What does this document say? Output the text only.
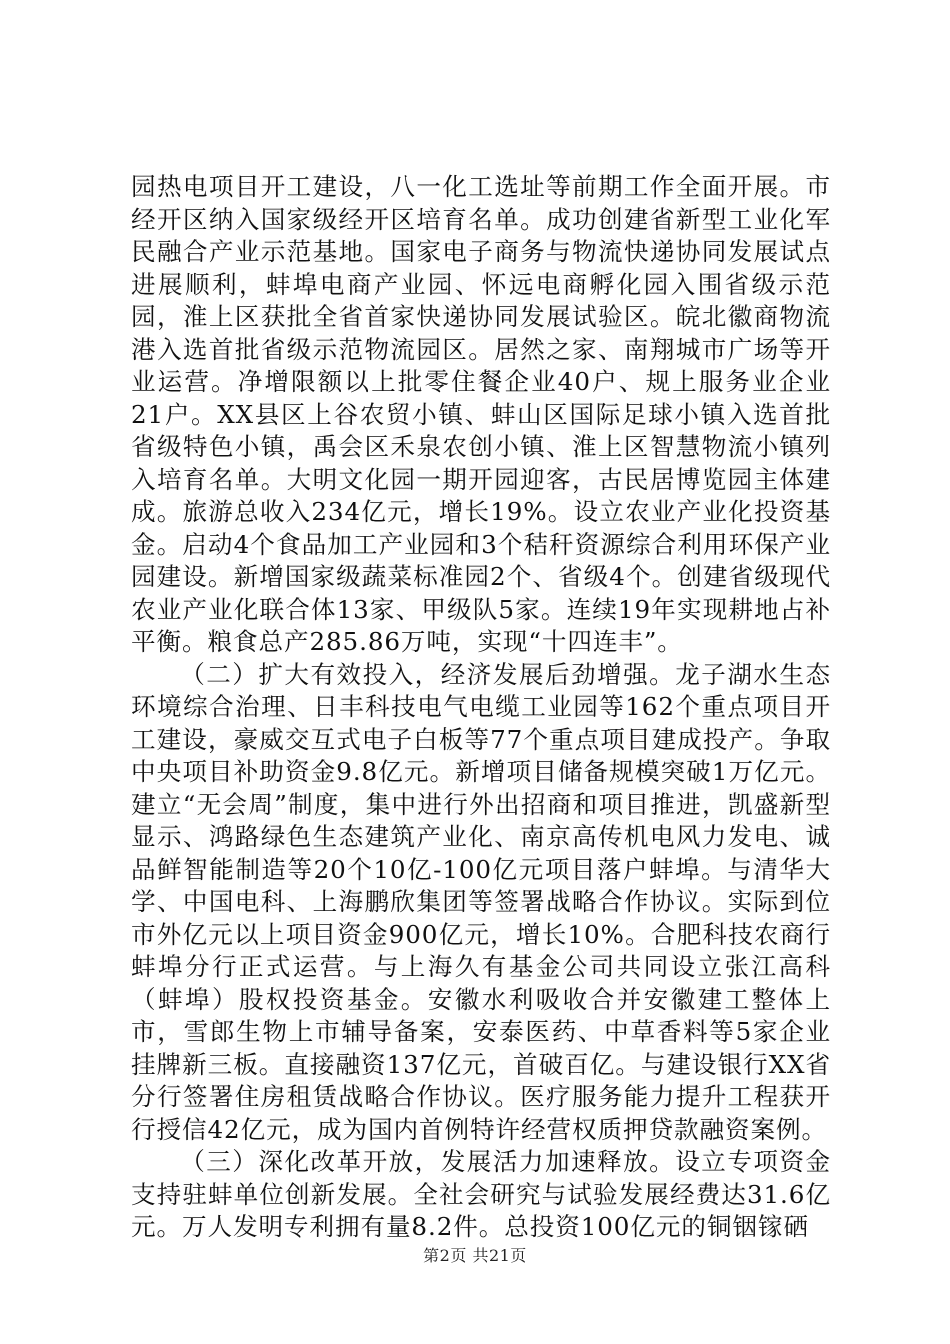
园热电项目开工建设，八一化工选址等前期工作全面开展。市经开区纳入国家级经开区培育名单。成功创建省新型工业化军民融合产业示范基地。国家电子商务与物流快递协同发展试点进展顺利，蚌埠电商产业园、怀远电商孵化园入围省级示范园，淮上区获批全省首家快递协同发展试验区。皖北徽商物流港入选首批省级示范物流园区。居然之家、南翔城市广场等开业运营。净增限额以上批零住餐企业40户、规上服务业企业21户。XX县区上谷农贸小镇、蚌山区国际足球小镇入选首批省级特色小镇，禹会区禾泉农创小镇、淮上区智慧物流小镇列入培育名单。大明文化园一期开园迎客，古民居博览园主体建成。旅游总收入234亿元，增长19%。设立农业产业化投资基金。启动4个食品加工产业园和3个秸秆资源综合利用环保产业园建设。新增国家级蔬菜标准园2个、省级4个。创建省级现代农业产业化联合体13家、甲级队5家。连续19年实现耕地占补平衡。粮食总产285.86万吨，实现“十四连丰”。

（二）扩大有效投入，经济发展后劲增强。龙子湖水生态环境综合治理、日丰科技电气电缆工业园等162个重点项目开工建设，豪威交互式电子白板等77个重点项目建成投产。争取中央项目补助资金9.8亿元。新增项目储备规模突破1万亿元。建立“无会周”制度，集中进行外出招商和项目推进，凯盛新型显示、鸿路绿色生态建筑产业化、南京高传机电风力发电、诚品鲜智能制造等20个10亿-100亿元项目落户蚌埠。与清华大学、中国电科、上海鹏欣集团等签署战略合作协议。实际到位市外亿元以上项目资金900亿元，增长10%。合肥科技农商行蚌埠分行正式运营。与上海久有基金公司共同设立张江高科（蚌埠）股权投资基金。安徽水利吸收合并安徽建工整体上市，雪郎生物上市辅导备案，安泰医药、中草香料等5家企业挂牌新三板。直接融资137亿元，首破百亿。与建设银行XX省分行签署住房租赁战略合作协议。医疗服务能力提升工程获开行授信42亿元，成为国内首例特许经营权质押贷款融资案例。

（三）深化改革开放，发展活力加速释放。设立专项资金支持驻蚌单位创新发展。全社会研究与试验发展经费达31.6亿元。万人发明专利拥有量8.2件。总投资100亿元的铜铟镓硒

第2页 共21页
